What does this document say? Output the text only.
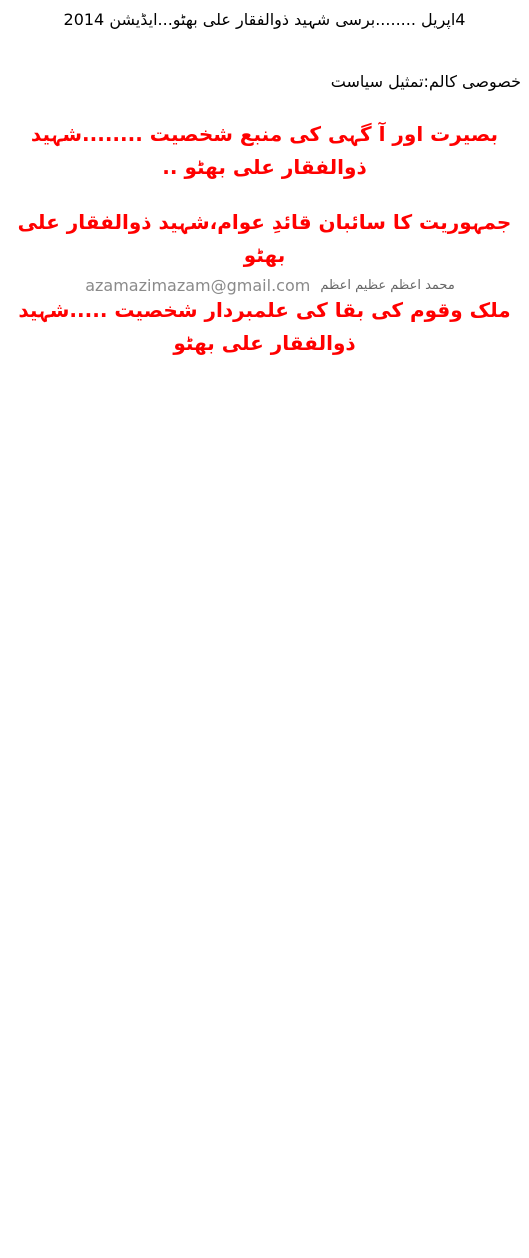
4اپریل ........برسی شہید ذوالفقار علی بھٹو...ایڈیشن 2014
خصوصی کالم:تمثیل سیاست
بصیرت اور آ گہی کی منبع شخصیت ........شہید ذوالفقار علی بھٹو ..
جمہوریت کا سائبان قائدِ عوام،شہید ذوالفقار علی بھٹو
ملک وقوم کی بقا کی علمبردار شخصیت .....شہید ذوالفقار علی بھٹو
azamazimazam@gmail.com محمد اعظم عظیم اعظم
